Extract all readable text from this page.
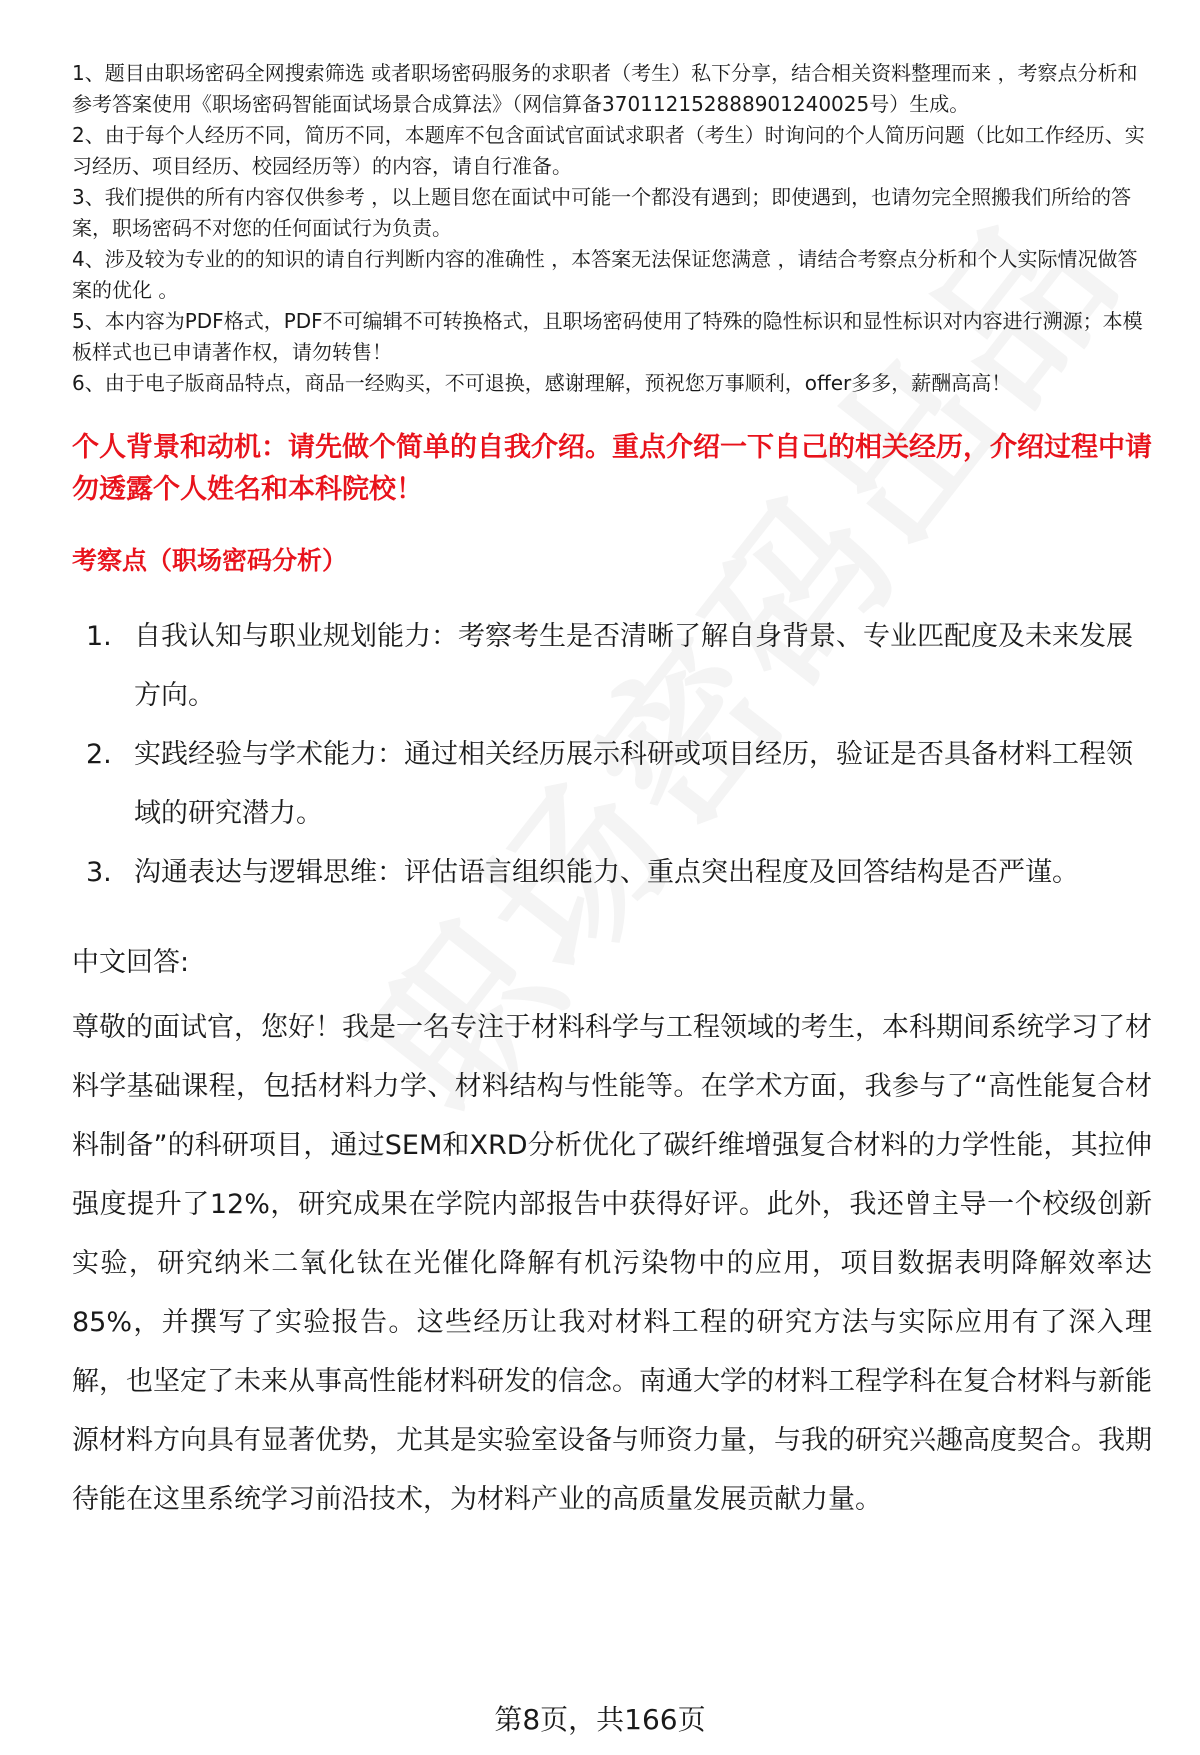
1、题目由职场密码全网搜索筛选 或者职场密码服务的求职者（考生）私下分享，结合相关资料整理而来 ，考察点分析和参考答案使用《职场密码智能面试场景合成算法》（网信算备370112152888901240025号）生成。

2、由于每个人经历不同，简历不同，本题库不包含面试官面试求职者（考生）时询问的个人简历问题（比如工作经历、实习经历、项目经历、校园经历等）的内容，请自行准备。

3、我们提供的所有内容仅供参考 ，以上题目您在面试中可能一个都没有遇到；即使遇到，也请勿完全照搬我们所给的答案，职场密码不对您的任何面试行为负责。

4、涉及较为专业的的知识的请自行判断内容的准确性 ，本答案无法保证您满意 ，请结合考察点分析和个人实际情况做答案的优化 。

5、本内容为PDF格式，PDF不可编辑不可转换格式，且职场密码使用了特殊的隐性标识和显性标识对内容进行溯源；本模板样式也已申请著作权，请勿转售！

6、由于电子版商品特点，商品一经购买，不可退换，感谢理解，预祝您万事顺利，offer多多，薪酬高高！

个人背景和动机：请先做个简单的自我介绍。重点介绍一下自己的相关经历，介绍过程中请勿透露个人姓名和本科院校！
考察点（职场密码分析）
1. 自我认知与职业规划能力：考察考生是否清晰了解自身背景、专业匹配度及未来发展方向。
2. 实践经验与学术能力：通过相关经历展示科研或项目经历，验证是否具备材料工程领域的研究潜力。
3. 沟通表达与逻辑思维：评估语言组织能力、重点突出程度及回答结构是否严谨。
中文回答:
尊敬的面试官，您好！我是一名专注于材料科学与工程领域的考生，本科期间系统学习了材料学基础课程，包括材料力学、材料结构与性能等。在学术方面，我参与了“高性能复合材料制备”的科研项目，通过SEM和XRD分析优化了碳纤维增强复合材料的力学性能，其拉伸强度提升了12%，研究成果在学院内部报告中获得好评。此外，我还曾主导一个校级创新实验，研究纳米二氧化钛在光催化降解有机污染物中的应用，项目数据表明降解效率达85%，并撰写了实验报告。这些经历让我对材料工程的研究方法与实际应用有了深入理解，也坚定了未来从事高性能材料研发的信念。南通大学的材料工程学科在复合材料与新能源材料方向具有显著优势，尤其是实验室设备与师资力量，与我的研究兴趣高度契合。我期待能在这里系统学习前沿技术，为材料产业的高质量发展贡献力量。
第8页，共166页
